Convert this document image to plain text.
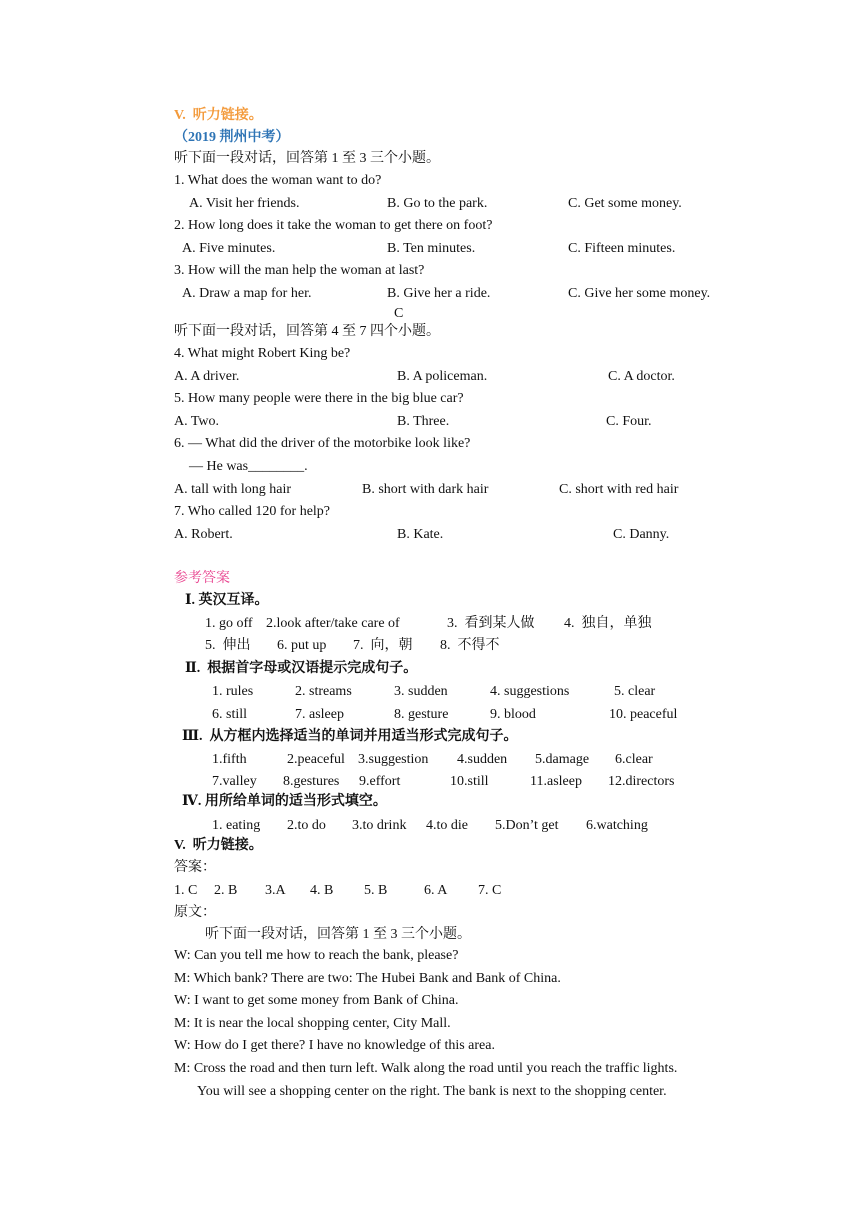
V.  听力链接。
（2019 荆州中考）
听下面一段对话，回答第 1 至 3 三个小题。
1. What does the woman want to do?
A. Visit her friends.	B. Go to the park.	C. Get some money.
2. How long does it take the woman to get there on foot?
A. Five minutes.	B. Ten minutes.	C. Fifteen minutes.
3. How will the man help the woman at last?
A. Draw a map for her.	B. Give her a ride.	C. Give her some money.
C
听下面一段对话，回答第 4 至 7 四个小题。
4. What might Robert King be?
A. A driver.	B. A policeman.	C. A doctor.
5. How many people were there in the big blue car?
A. Two.	B. Three.	C. Four.
6. — What did the driver of the motorbike look like?
— He was________.
A. tall with long hair	B. short with dark hair	C. short with red hair
7. Who called 120 for help?
A. Robert.	B. Kate.	C. Danny.
参考答案
Ⅰ. 英汉互译。
1. go off 2.look after/take care of	3.  看到某人做 4.  独自，单独
5.  伸出 6. put up 7.  向，朝 8.  不得不
Ⅱ.  根据首字母或汉语提示完成句子。
1. rules	2. streams	3. sudden	4. suggestions	5. clear
6. still	7. asleep	8. gesture	9. blood	10. peaceful
Ⅲ.  从方框内选择适当的单词并用适当形式完成句子。
1.fifth	2.peaceful 3.suggestion 4.sudden 5.damage 6.clear
7.valley 8.gestures 9.effort	10.still	11.asleep 12.directors
Ⅳ. 用所给单词的适当形式填空。
1. eating 2.to do 3.to drink 4.to die 5.Don’t get 6.watching
V.  听力链接。
答案：
1. C 2. B 3.A 4. B 5. B	6. A 7. C
原文：
听下面一段对话，回答第 1 至 3 三个小题。
W: Can you tell me how to reach the bank, please?
M: Which bank? There are two: The Hubei Bank and Bank of China.
W: I want to get some money from Bank of China.
M: It is near the local shopping center, City Mall.
W: How do I get there? I have no knowledge of this area.
M: Cross the road and then turn left. Walk along the road until you reach the traffic lights.
You will see a shopping center on the right. The bank is next to the shopping center.
